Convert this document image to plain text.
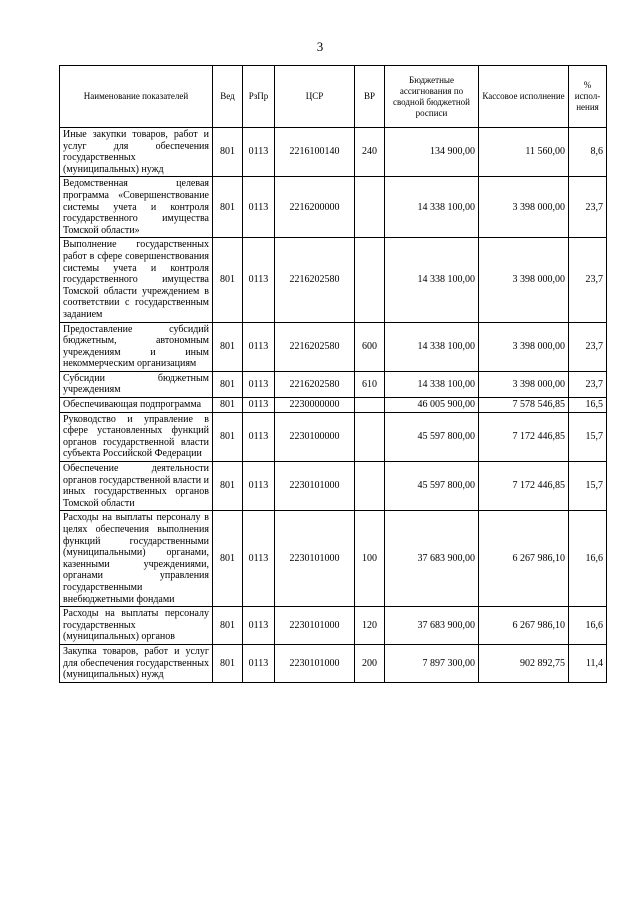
3
Наименование показателей	Вед	РзПр	ЦСР	ВР	Бюджетные ассигнования по сводной бюджетной росписи	Кассовое исполнение	% испол-нения
Иные закупки товаров, работ и услуг для обеспечения государственных (муниципальных) нужд	801	0113	2216100140	240	134 900,00	11 560,00	8,6
Ведомственная целевая программа «Совершенствование системы учета и контроля государственного имущества Томской области»	801	0113	2216200000		14 338 100,00	3 398 000,00	23,7
Выполнение государственных работ в сфере совершенствования системы учета и контроля государственного имущества Томской области учреждением в соответствии с государственным заданием	801	0113	2216202580		14 338 100,00	3 398 000,00	23,7
Предоставление субсидий бюджетным, автономным учреждениям и иным некоммерческим организациям	801	0113	2216202580	600	14 338 100,00	3 398 000,00	23,7
Субсидии бюджетным учреждениям	801	0113	2216202580	610	14 338 100,00	3 398 000,00	23,7
Обеспечивающая подпрограмма	801	0113	2230000000		46 005 900,00	7 578 546,85	16,5
Руководство и управление в сфере установленных функций органов государственной власти субъекта Российской Федерации	801	0113	2230100000		45 597 800,00	7 172 446,85	15,7
Обеспечение деятельности органов государственной власти и иных государственных органов Томской области	801	0113	2230101000		45 597 800,00	7 172 446,85	15,7
Расходы на выплаты персоналу в целях обеспечения выполнения функций государственными (муниципальными) органами, казенными учреждениями, органами управления государственными внебюджетными фондами	801	0113	2230101000	100	37 683 900,00	6 267 986,10	16,6
Расходы на выплаты персоналу государственных (муниципальных) органов	801	0113	2230101000	120	37 683 900,00	6 267 986,10	16,6
Закупка товаров, работ и услуг для обеспечения государственных (муниципальных) нужд	801	0113	2230101000	200	7 897 300,00	902 892,75	11,4
